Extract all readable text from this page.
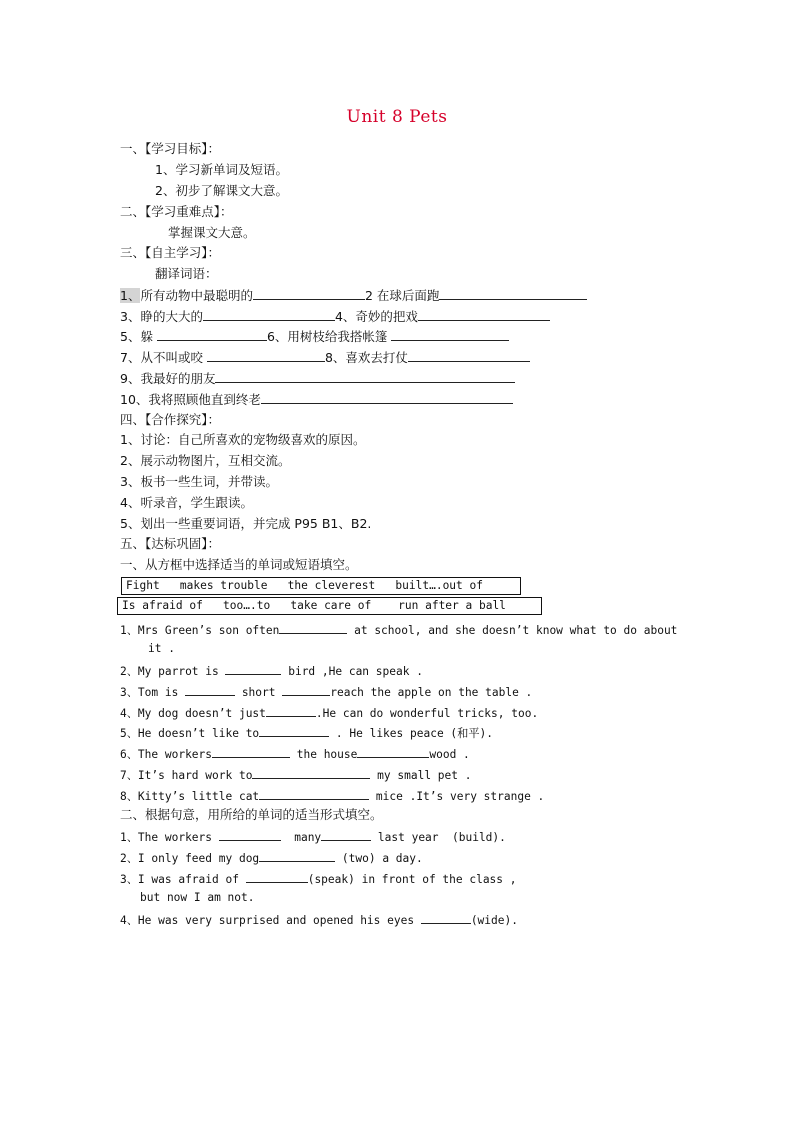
Unit 8 Pets
一、【学习目标】：
1、学习新单词及短语。
2、初步了解课文大意。
二、【学习重难点】：
掌握课文大意。
三、【自主学习】：
翻译词语：
1、所有动物中最聪明的	2 在球后面跑
3、睁的大大的	4、奇妙的把戏
5、躲	6、用树枝给我搭帐篷
7、从不叫或咬	8、喜欢去打仗
9、我最好的朋友
10、我将照顾他直到终老
四、【合作探究】：
1、讨论：自己所喜欢的宠物级喜欢的原因。
2、展示动物图片，互相交流。
3、板书一些生词，并带读。
4、听录音，学生跟读。
5、划出一些重要词语，并完成 P95 B1、B2.
五、【达标巩固】：
一、从方框中选择适当的单词或短语填空。
Fight   makes trouble   the cleverest   built….out of
Is afraid of   too….to   take care of    run after a ball
1、Mrs Green’s son often	at school, and she doesn’t know what to do about
it .
2、My parrot is	bird ,He can speak .
3、Tom is	short	reach the apple on the table .
4、My dog doesn’t just	.He can do wonderful tricks, too.
5、He doesn’t like to	. He likes peace (和平).
6、The workers	the house	wood .
7、It’s hard work to	my small pet .
8、Kitty’s little cat	mice .It’s very strange .
二、根据句意，用所给的单词的适当形式填空。
1、The workers	many	last year  (build).
2、I only feed my dog	(two) a day.
3、I was afraid of	(speak) in front of the class ,
but now I am not.
4、He was very surprised and opened his eyes	(wide).
